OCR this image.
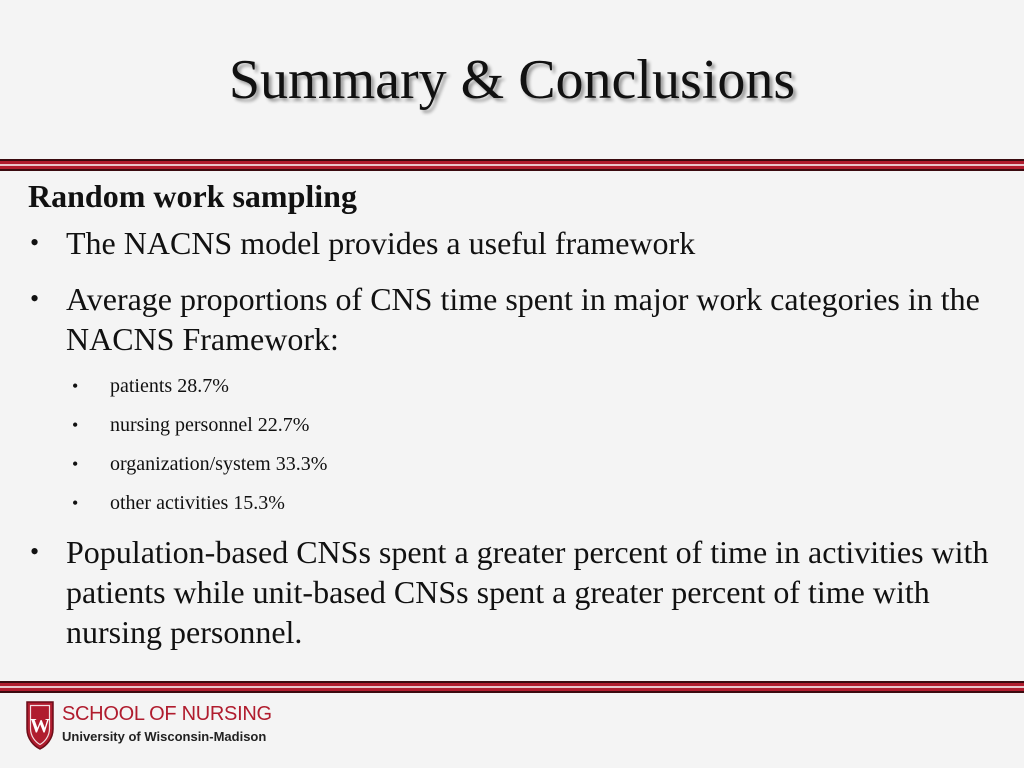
Summary & Conclusions
Random work sampling
• The NACNS model provides a useful framework
• Average proportions of CNS time spent in major work categories in the NACNS Framework:
• patients 28.7%
• nursing personnel 22.7%
• organization/system 33.3%
• other activities 15.3%
• Population-based CNSs spent a greater percent of time in activities with patients while unit-based CNSs spent a greater percent of time with nursing personnel.
W
SCHOOL OF NURSING
University of Wisconsin-Madison
